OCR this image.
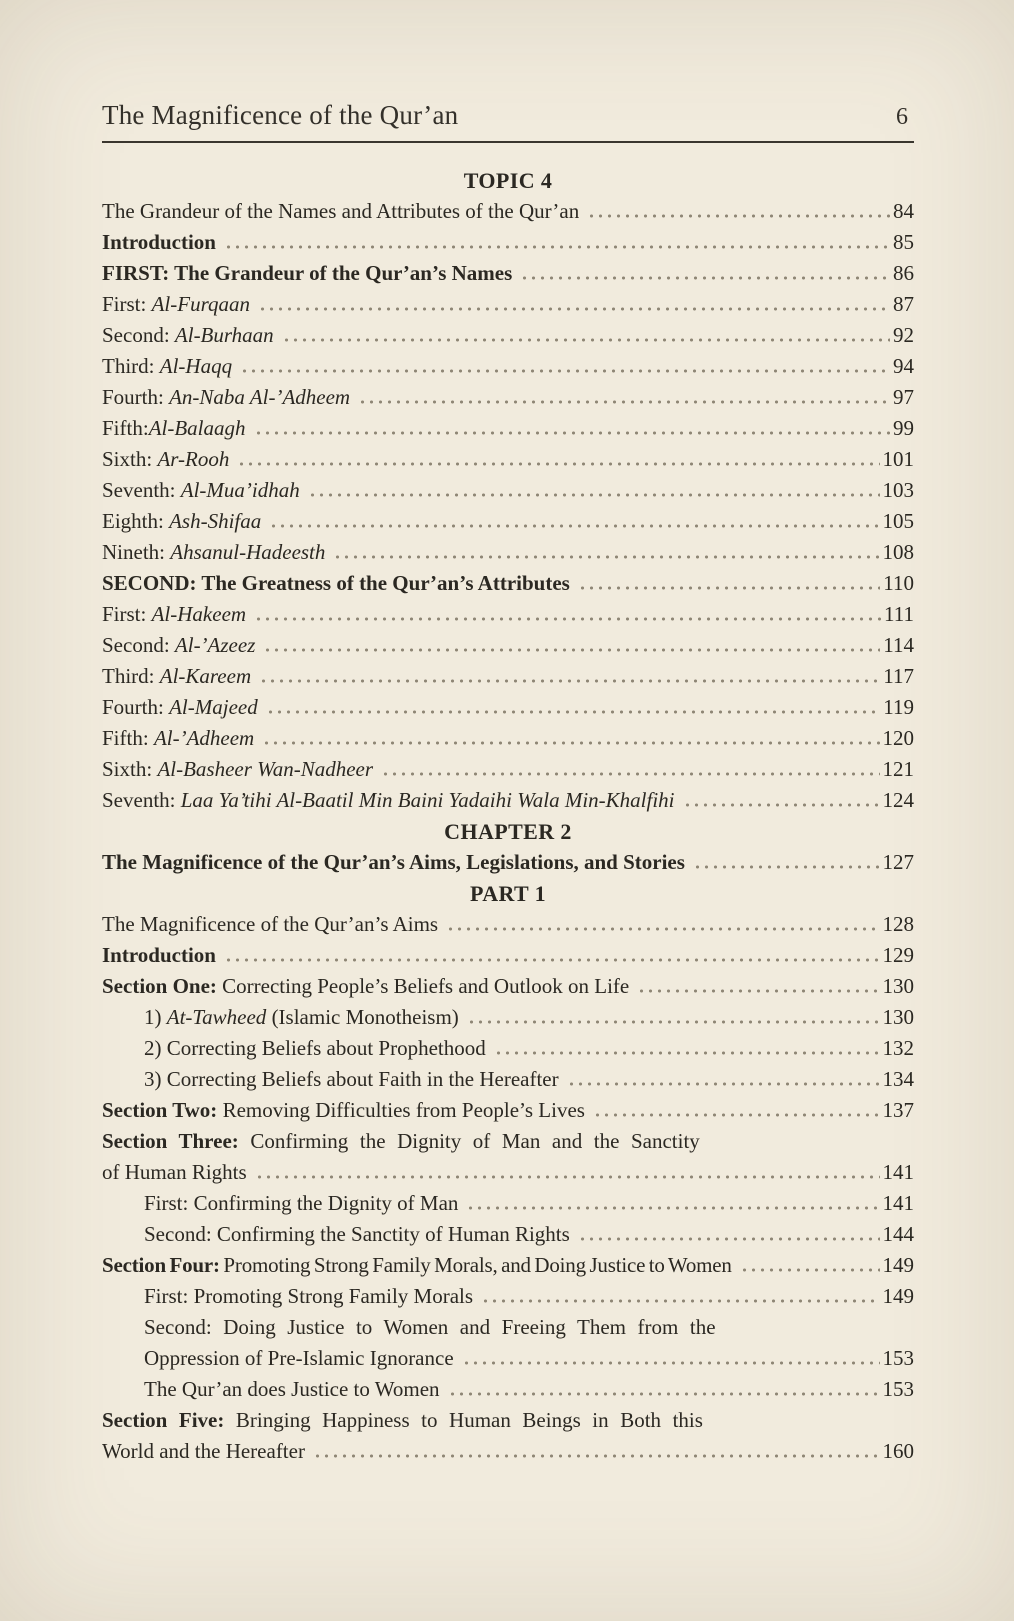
The Magnificence of the Qur’an	6
TOPIC 4
The Grandeur of the Names and Attributes of the Qur’an	84
Introduction	85
FIRST: The Grandeur of the Qur’an’s Names	86
First: Al-Furqaan	87
Second: Al-Burhaan	92
Third: Al-Haqq	94
Fourth: An-Naba Al-’Adheem	97
Fifth:Al-Balaagh	99
Sixth: Ar-Rooh	101
Seventh: Al-Mua’idhah	103
Eighth: Ash-Shifaa	105
Nineth: Ahsanul-Hadeesth	108
SECOND: The Greatness of the Qur’an’s Attributes	110
First: Al-Hakeem	111
Second: Al-’Azeez	114
Third: Al-Kareem	117
Fourth: Al-Majeed	119
Fifth: Al-’Adheem	120
Sixth: Al-Basheer Wan-Nadheer	121
Seventh: Laa Ya’tihi Al-Baatil Min Baini Yadaihi Wala Min-Khalfihi	124
CHAPTER 2
The Magnificence of the Qur’an’s Aims, Legislations, and Stories	127
PART 1
The Magnificence of the Qur’an’s Aims	128
Introduction	129
Section One: Correcting People’s Beliefs and Outlook on Life	130
1) At-Tawheed (Islamic Monotheism)	130
2) Correcting Beliefs about Prophethood	132
3) Correcting Beliefs about Faith in the Hereafter	134
Section Two: Removing Difficulties from People’s Lives	137
Section Three: Confirming the Dignity of Man and the Sanctity
of Human Rights	141
First: Confirming the Dignity of Man	141
Second: Confirming the Sanctity of Human Rights	144
Section Four: Promoting Strong Family Morals, and Doing Justice to Women	149
First: Promoting Strong Family Morals	149
Second: Doing Justice to Women and Freeing Them from the
Oppression of Pre-Islamic Ignorance	153
The Qur’an does Justice to Women	153
Section Five: Bringing Happiness to Human Beings in Both this
World and the Hereafter	160
